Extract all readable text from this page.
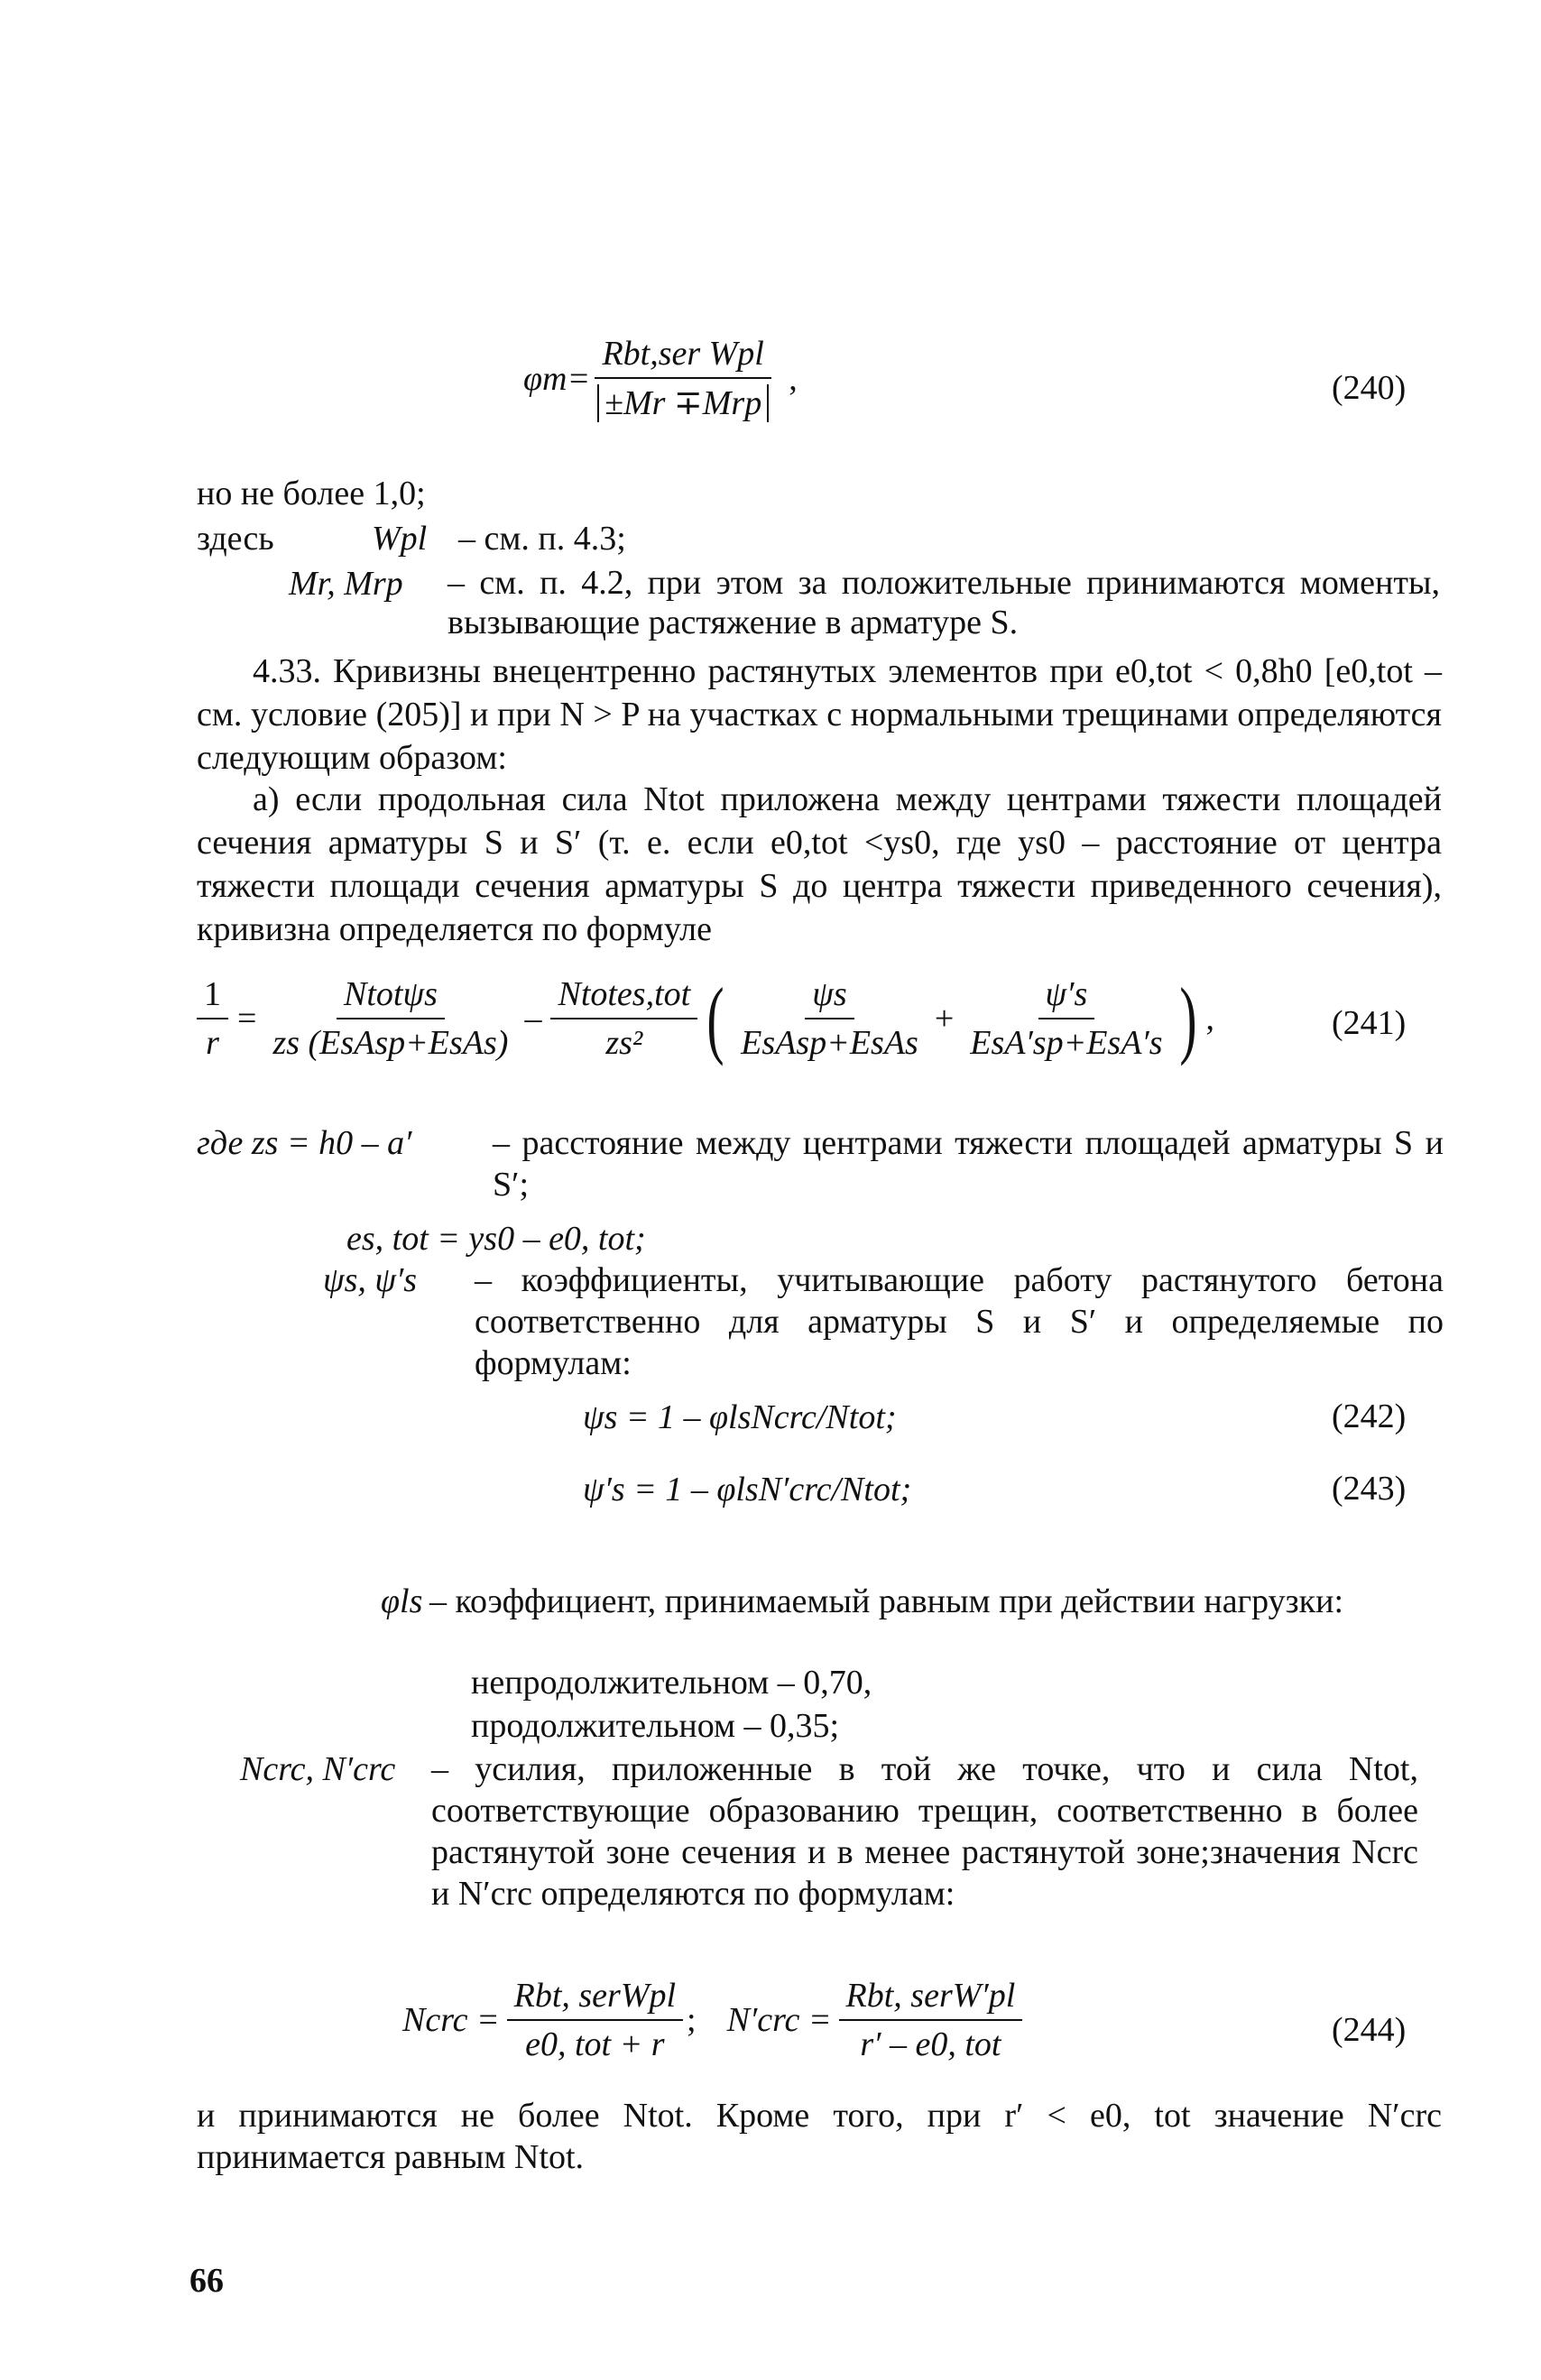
$\varphi m= \frac{\text{Rbt,ser Wpl}}{\text{±Mr ∓Mrp}}$ ,	(240)
но не более 1,0;
здесь	Wpl – см. п. 4.3;
Mr, Mrp – см. п. 4.2, при этом за положительные принимаются моменты, вызывающие растяжение в арматуре S.
4.33. Кривизны внецентренно растянутых элементов при e0,tot < 0,8h0 [e0,tot – см. условие (205)] и при N > P на участках с нормальными трещинами определяются следующим образом:
а) если продольная сила Ntot приложена между центрами тяжести площадей сечения арматуры S и S′ (т. е. если e0,tot <ys0, где ys0 – расстояние от центра тяжести площади сечения арматуры S до центра тяжести приведенного сечения), кривизна определяется по формуле
$\frac{1}{r} = \frac{\text{Ntotψs}}{\text{zs (EsAsp+EsAs)}} - \frac{\text{Ntotes,tot}}{\text{zs²}}$ ( $\frac{\psi s}{\text{EsAsp+EsAs}} + \frac{\psi's}{\text{EsA′sp+EsA′s}}$ ) ,	(241)
где zs = h0 – a′ – расстояние между центрами тяжести площадей арматуры S и S′;
es, tot = ys0 – e0, tot;
ψs, ψ′s – коэффициенты, учитывающие работу растянутого бетона соответственно для арматуры S и S′ и определяемые по формулам:
ψs = 1 – φlsNcrc/Ntot;	(242)
ψ′s = 1 – φlsN′crc/Ntot;	(243)
φls – коэффициент, принимаемый равным при действии нагрузки:
непродолжительном – 0,70,
продолжительном – 0,35;
Ncrc, N′crc – усилия, приложенные в той же точке, что и сила Ntot, соответствующие образованию трещин, соответственно в более растянутой зоне сечения и в менее растянутой зоне;значения Ncrc и N′crc определяются по формулам:
Ncrc = $\frac{\text{Rbt, serWpl}}{\text{e0, tot + r}}$ ; $N'crc = \frac{\text{Rbt, serW′pl}}{\text{r′ – e0, tot}}$	(244)
и принимаются не более Ntot. Кроме того, при r′ < e0, tot значение N′crc принимается равным Ntot.
66
